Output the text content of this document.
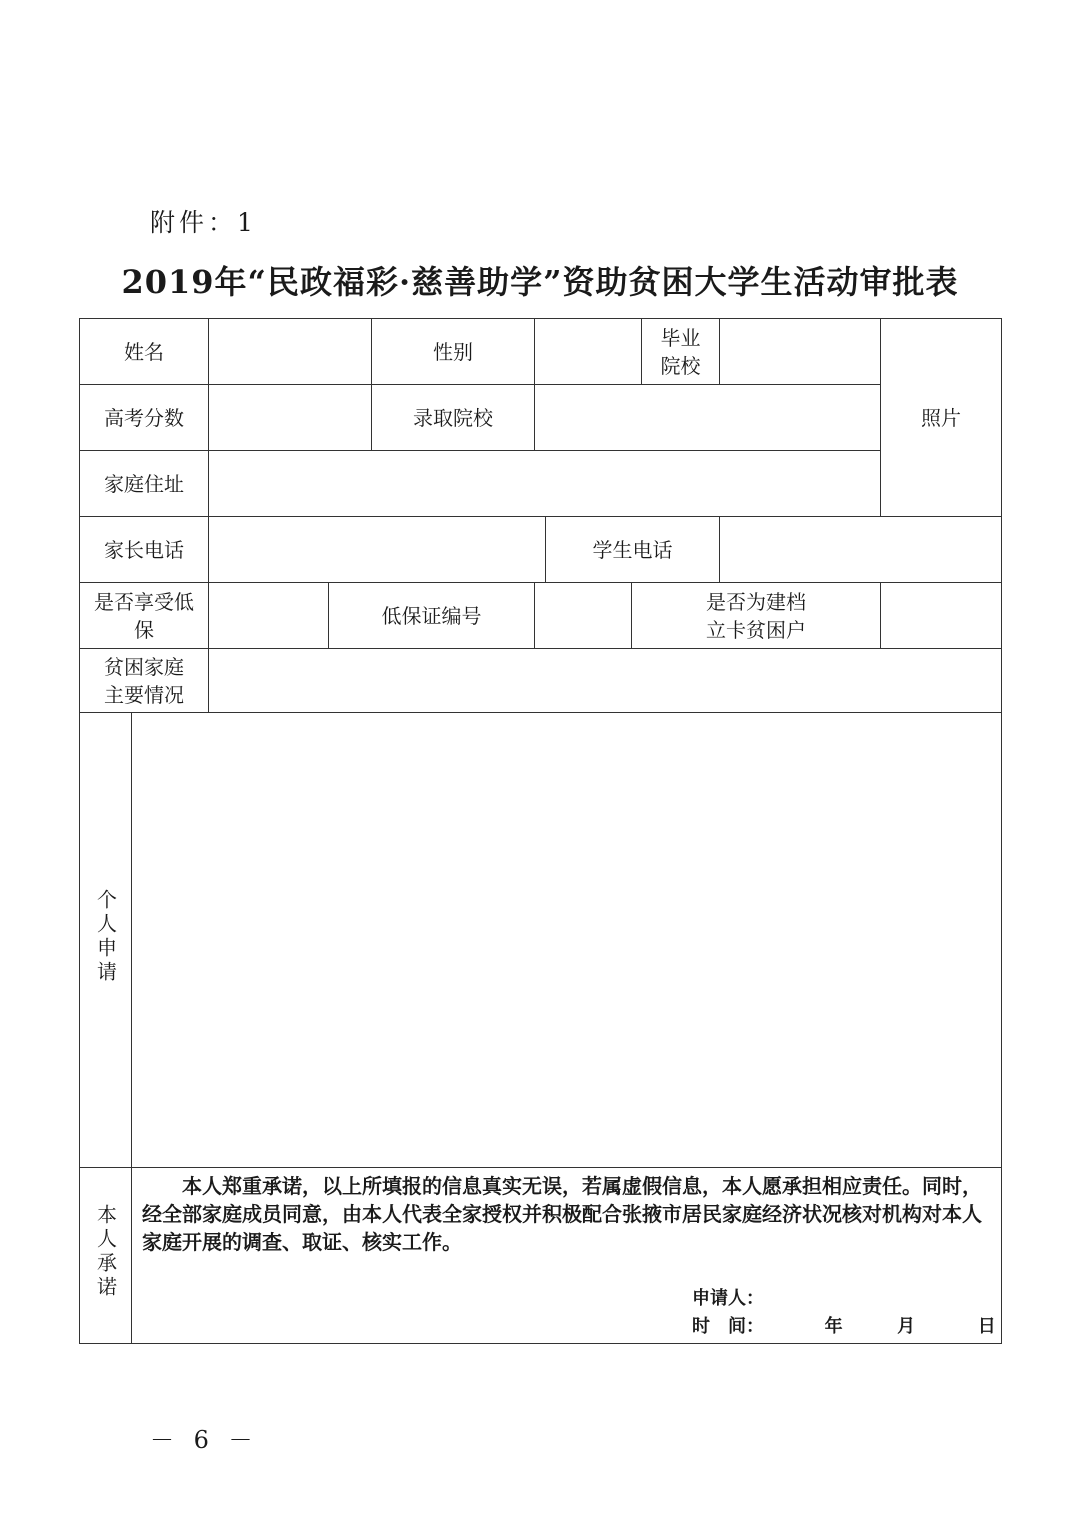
附件：1
2019年“民政福彩·慈善助学”资助贫困大学生活动审批表
姓名				性别				毕业院校		照片
高考分数				录取院校						
家庭住址										
家长电话						学生电话				
是否享受低保			低保证编号				是否为建档立卡贫困户			
贫困家庭主要情况										
个人申请										
本人承诺	本人郑重承诺，以上所填报的信息真实无误，若属虚假信息，本人愿承担相应责任。同时，经全部家庭成员同意，由本人代表全家授权并积极配合张掖市居民家庭经济状况核对机构对本人家庭开展的调查、取证、核实工作。

申请人：
时　间： 年 月 日									
－ 6 －
